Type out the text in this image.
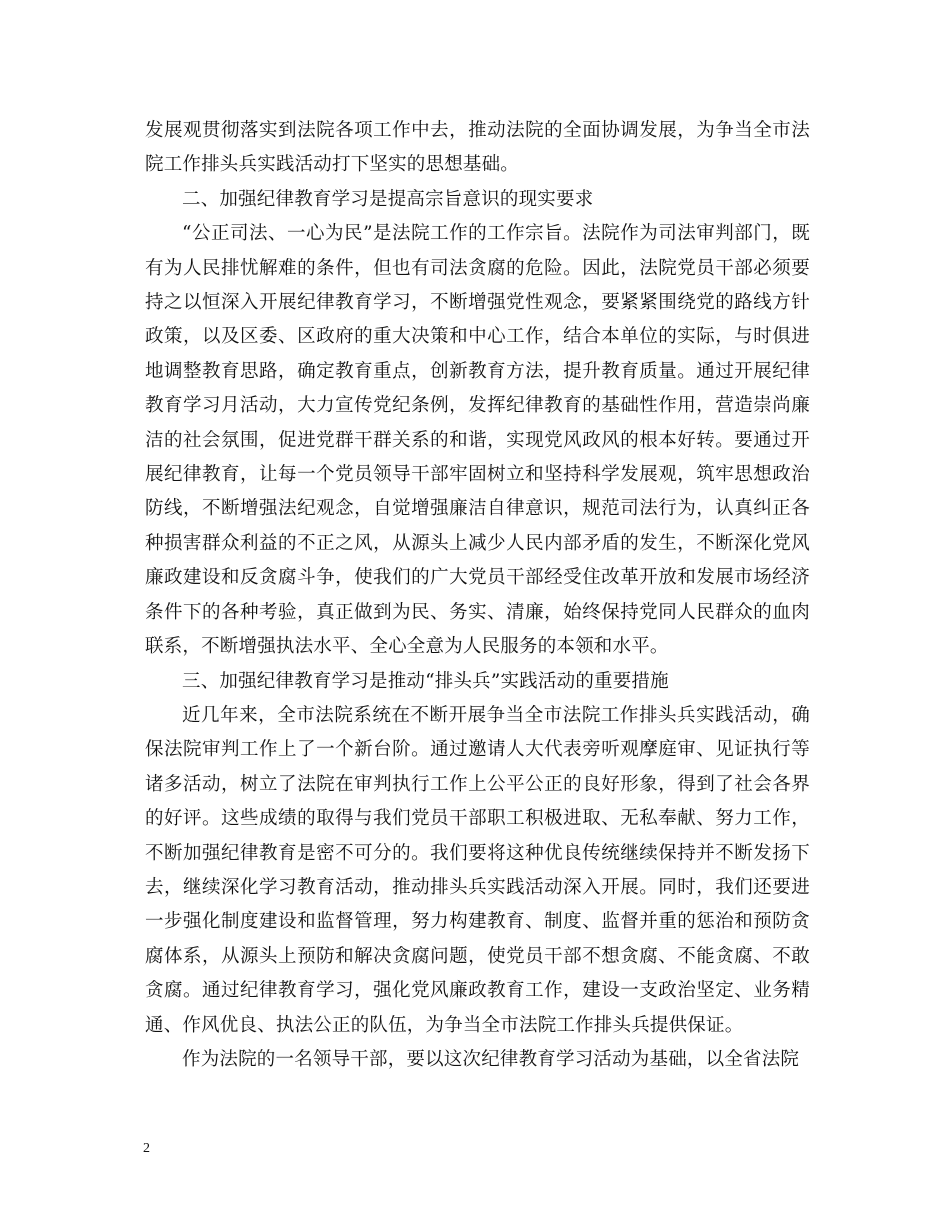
发展观贯彻落实到法院各项工作中去，推动法院的全面协调发展，为争当全市法院工作排头兵实践活动打下坚实的思想基础。

二、加强纪律教育学习是提高宗旨意识的现实要求

“公正司法、一心为民”是法院工作的工作宗旨。法院作为司法审判部门，既有为人民排忧解难的条件，但也有司法贪腐的危险。因此，法院党员干部必须要持之以恒深入开展纪律教育学习，不断增强党性观念，要紧紧围绕党的路线方针政策，以及区委、区政府的重大决策和中心工作，结合本单位的实际，与时俱进地调整教育思路，确定教育重点，创新教育方法，提升教育质量。通过开展纪律教育学习月活动，大力宣传党纪条例，发挥纪律教育的基础性作用，营造崇尚廉洁的社会氛围，促进党群干群关系的和谐，实现党风政风的根本好转。要通过开展纪律教育，让每一个党员领导干部牢固树立和坚持科学发展观，筑牢思想政治防线，不断增强法纪观念，自觉增强廉洁自律意识，规范司法行为，认真纠正各种损害群众利益的不正之风，从源头上减少人民内部矛盾的发生，不断深化党风廉政建设和反贪腐斗争，使我们的广大党员干部经受住改革开放和发展市场经济条件下的各种考验，真正做到为民、务实、清廉，始终保持党同人民群众的血肉联系，不断增强执法水平、全心全意为人民服务的本领和水平。

三、加强纪律教育学习是推动“排头兵”实践活动的重要措施

近几年来，全市法院系统在不断开展争当全市法院工作排头兵实践活动，确保法院审判工作上了一个新台阶。通过邀请人大代表旁听观摩庭审、见证执行等诸多活动，树立了法院在审判执行工作上公平公正的良好形象，得到了社会各界的好评。这些成绩的取得与我们党员干部职工积极进取、无私奉献、努力工作，不断加强纪律教育是密不可分的。我们要将这种优良传统继续保持并不断发扬下去，继续深化学习教育活动，推动排头兵实践活动深入开展。同时，我们还要进一步强化制度建设和监督管理，努力构建教育、制度、监督并重的惩治和预防贪腐体系，从源头上预防和解决贪腐问题，使党员干部不想贪腐、不能贪腐、不敢贪腐。通过纪律教育学习，强化党风廉政教育工作，建设一支政治坚定、业务精通、作风优良、执法公正的队伍，为争当全市法院工作排头兵提供保证。

作为法院的一名领导干部，要以这次纪律教育学习活动为基础，以全省法院

2
